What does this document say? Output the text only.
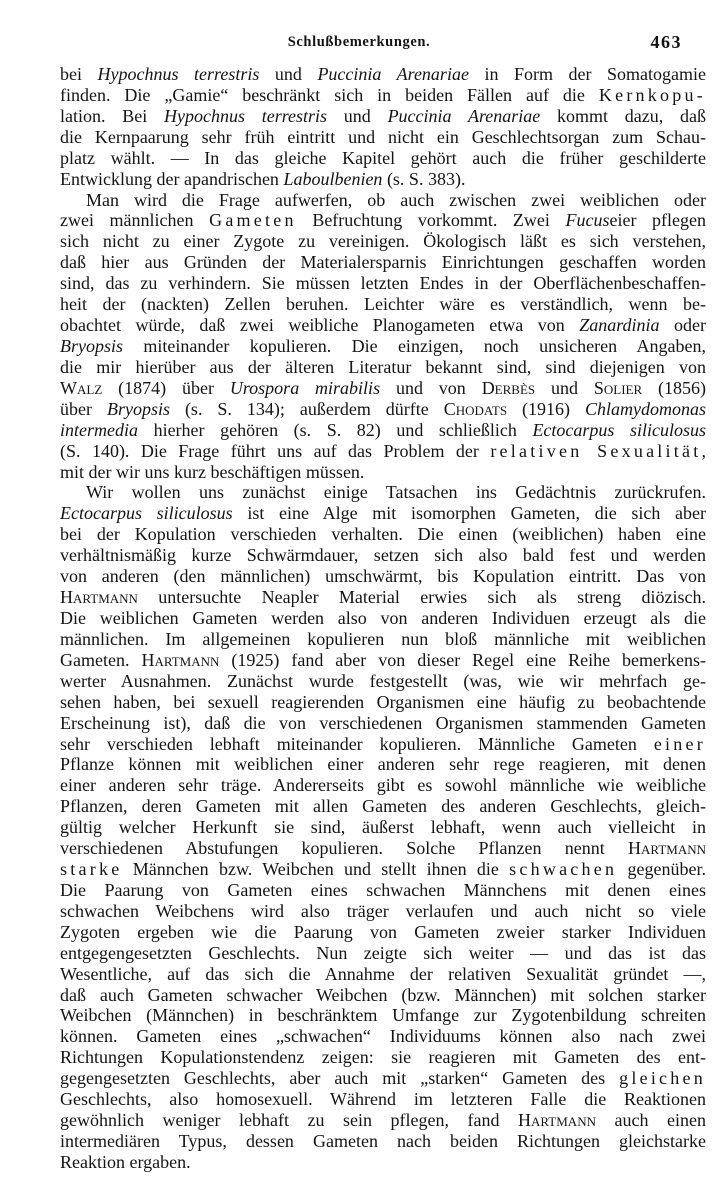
Schlußbemerkungen.	463
bei Hypochnus terrestris und Puccinia Arenariae in Form der Somatogamie
finden. Die „Gamie“ beschränkt sich in beiden Fällen auf die Kernkopu-
lation. Bei Hypochnus terrestris und Puccinia Arenariae kommt dazu, daß
die Kernpaarung sehr früh eintritt und nicht ein Geschlechtsorgan zum Schau-
platz wählt. — In das gleiche Kapitel gehört auch die früher geschilderte
Entwicklung der apandrischen Laboulbenien (s. S. 383).
Man wird die Frage aufwerfen, ob auch zwischen zwei weiblichen oder
zwei männlichen Gameten Befruchtung vorkommt. Zwei Fucuseier pflegen
sich nicht zu einer Zygote zu vereinigen. Ökologisch läßt es sich verstehen,
daß hier aus Gründen der Materialersparnis Einrichtungen geschaffen worden
sind, das zu verhindern. Sie müssen letzten Endes in der Oberflächenbeschaffen-
heit der (nackten) Zellen beruhen. Leichter wäre es verständlich, wenn be-
obachtet würde, daß zwei weibliche Planogameten etwa von Zanardinia oder
Bryopsis miteinander kopulieren. Die einzigen, noch unsicheren Angaben,
die mir hierüber aus der älteren Literatur bekannt sind, sind diejenigen von
Walz (1874) über Urospora mirabilis und von Derbès und Solier (1856)
über Bryopsis (s. S. 134); außerdem dürfte Chodats (1916) Chlamydomonas
intermedia hierher gehören (s. S. 82) und schließlich Ectocarpus siliculosus
(S. 140). Die Frage führt uns auf das Problem der relativen Sexualität,
mit der wir uns kurz beschäftigen müssen.
Wir wollen uns zunächst einige Tatsachen ins Gedächtnis zurückrufen.
Ectocarpus siliculosus ist eine Alge mit isomorphen Gameten, die sich aber
bei der Kopulation verschieden verhalten. Die einen (weiblichen) haben eine
verhältnismäßig kurze Schwärmdauer, setzen sich also bald fest und werden
von anderen (den männlichen) umschwärmt, bis Kopulation eintritt. Das von
Hartmann untersuchte Neapler Material erwies sich als streng diözisch.
Die weiblichen Gameten werden also von anderen Individuen erzeugt als die
männlichen. Im allgemeinen kopulieren nun bloß männliche mit weiblichen
Gameten. Hartmann (1925) fand aber von dieser Regel eine Reihe bemerkens-
werter Ausnahmen. Zunächst wurde festgestellt (was, wie wir mehrfach ge-
sehen haben, bei sexuell reagierenden Organismen eine häufig zu beobachtende
Erscheinung ist), daß die von verschiedenen Organismen stammenden Gameten
sehr verschieden lebhaft miteinander kopulieren. Männliche Gameten einer
Pflanze können mit weiblichen einer anderen sehr rege reagieren, mit denen
einer anderen sehr träge. Andererseits gibt es sowohl männliche wie weibliche
Pflanzen, deren Gameten mit allen Gameten des anderen Geschlechts, gleich-
gültig welcher Herkunft sie sind, äußerst lebhaft, wenn auch vielleicht in
verschiedenen Abstufungen kopulieren. Solche Pflanzen nennt Hartmann
starke Männchen bzw. Weibchen und stellt ihnen die schwachen gegenüber.
Die Paarung von Gameten eines schwachen Männchens mit denen eines
schwachen Weibchens wird also träger verlaufen und auch nicht so viele
Zygoten ergeben wie die Paarung von Gameten zweier starker Individuen
entgegengesetzten Geschlechts. Nun zeigte sich weiter — und das ist das
Wesentliche, auf das sich die Annahme der relativen Sexualität gründet —,
daß auch Gameten schwacher Weibchen (bzw. Männchen) mit solchen starker
Weibchen (Männchen) in beschränktem Umfange zur Zygotenbildung schreiten
können. Gameten eines „schwachen“ Individuums können also nach zwei
Richtungen Kopulationstendenz zeigen: sie reagieren mit Gameten des ent-
gegengesetzten Geschlechts, aber auch mit „starken“ Gameten des gleichen
Geschlechts, also homosexuell. Während im letzteren Falle die Reaktionen
gewöhnlich weniger lebhaft zu sein pflegen, fand Hartmann auch einen
intermediären Typus, dessen Gameten nach beiden Richtungen gleichstarke
Reaktion ergaben.
